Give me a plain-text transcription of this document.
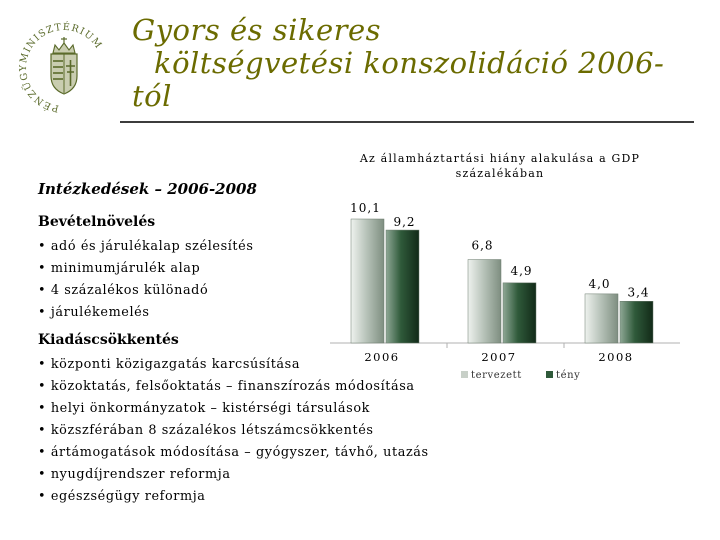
PÉNZÜGYMINISZTÉRIUM Gyors és sikeres
költségvetési konszolidáció 2006-
tól
Intézkedések – 2006-2008
Bevételnövelés
• adó és járulékalap szélesítés
• minimumjárulék alap
• 4 százalékos különadó
• járulékemelés
Kiadáscsökkentés
• központi közigazgatás karcsúsítása
• közoktatás, felsőoktatás – finanszírozás módosítása
• helyi önkormányzatok – kistérségi társulások
• közszférában 8 százalékos létszámcsökkentés
• ártámogatások módosítása – gyógyszer, távhő, utazás
• nyugdíjrendszer reformja
• egészségügy reformja
Az államháztartási hiány alakulása a GDP
százalékában
tervezett	tény
10,1
9,2
2006
6,8
4,9
2007
4,0
3,4
2008
